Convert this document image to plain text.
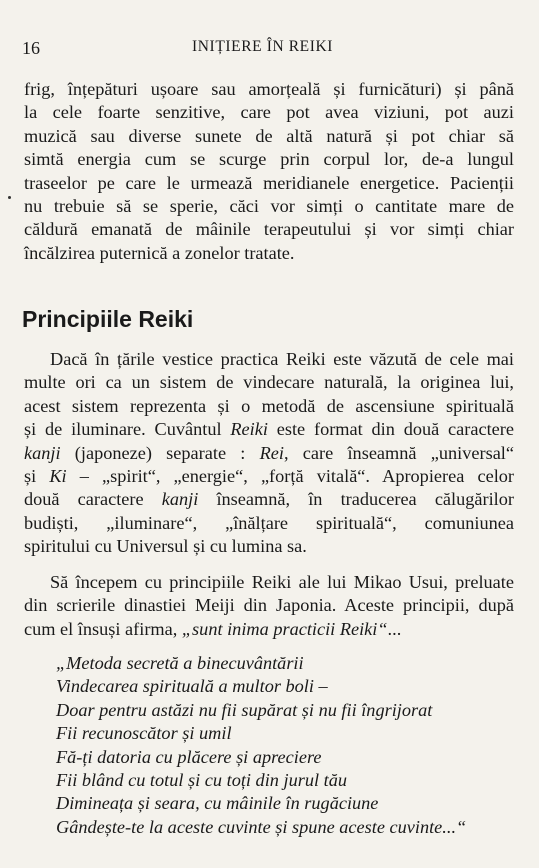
16	INIȚIERE ÎN REIKI
frig, înțepături ușoare sau amorțeală și furnicături) și până
la cele foarte senzitive, care pot avea viziuni, pot auzi
muzică sau diverse sunete de altă natură și pot chiar să
simtă energia cum se scurge prin corpul lor, de-a lungul
traseelor pe care le urmează meridianele energetice. Pacienții
nu trebuie să se sperie, căci vor simți o cantitate mare de
căldură emanată de mâinile terapeutului și vor simți chiar
încălzirea puternică a zonelor tratate.
Principiile Reiki
Dacă în țările vestice practica Reiki este văzută de cele mai
multe ori ca un sistem de vindecare naturală, la originea lui,
acest sistem reprezenta și o metodă de ascensiune spirituală
și de iluminare. Cuvântul Reiki este format din două caractere
kanji (japoneze) separate : Rei, care înseamnă „universal“
și Ki – „spirit“, „energie“, „forță vitală“. Apropierea celor
două caractere kanji înseamnă, în traducerea călugărilor
budiști, „iluminare“, „înălțare spirituală“, comuniunea
spiritului cu Universul și cu lumina sa.
Să începem cu principiile Reiki ale lui Mikao Usui, preluate
din scrierile dinastiei Meiji din Japonia. Aceste principii, după
cum el însuși afirma, „sunt inima practicii Reiki“...
„Metoda secretă a binecuvântării
Vindecarea spirituală a multor boli –
Doar pentru astăzi nu fii supărat și nu fii îngrijorat
Fii recunoscător și umil
Fă-ți datoria cu plăcere și apreciere
Fii blând cu totul și cu toți din jurul tău
Dimineața și seara, cu mâinile în rugăciune
Gândește-te la aceste cuvinte și spune aceste cuvinte...“
